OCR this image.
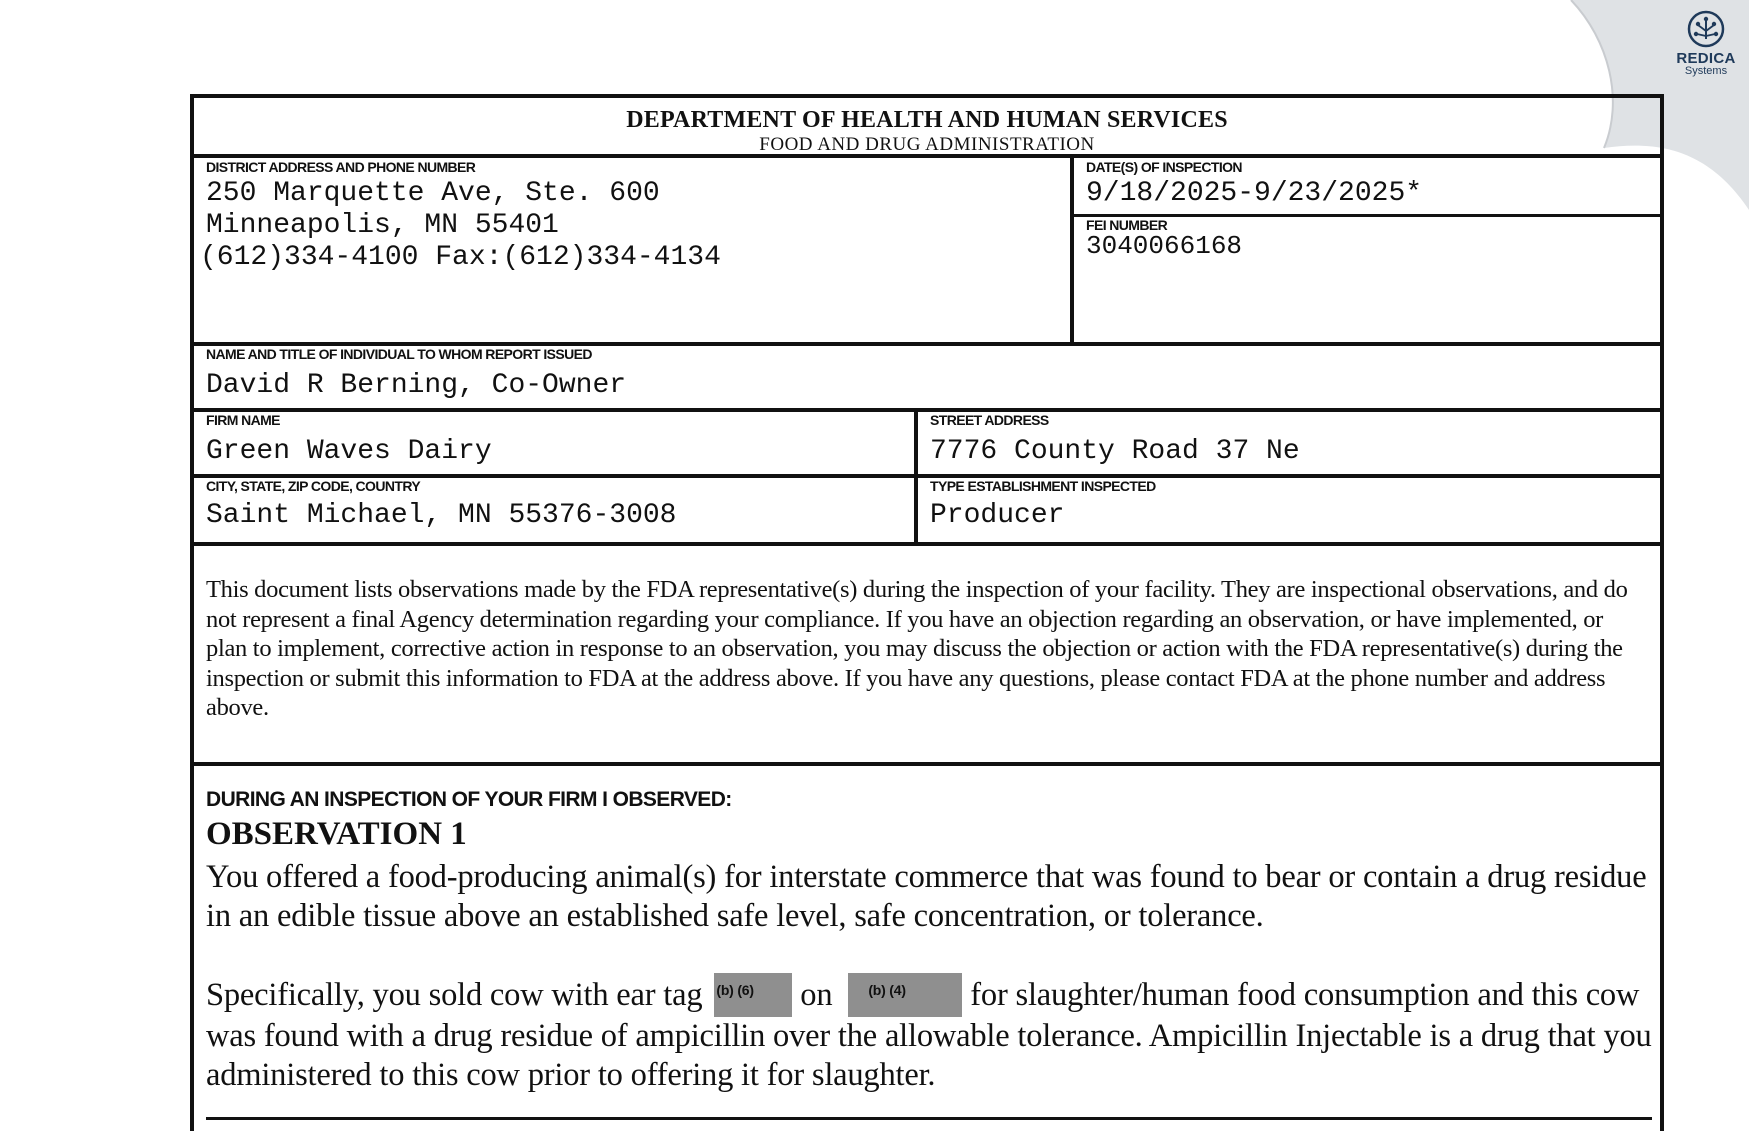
REDICA
Systems
DEPARTMENT OF HEALTH AND HUMAN SERVICES
FOOD AND DRUG ADMINISTRATION
DISTRICT ADDRESS AND PHONE NUMBER
250 Marquette Ave, Ste. 600
Minneapolis, MN 55401
(612)334-4100 Fax:(612)334-4134
DATE(S) OF INSPECTION
9/18/2025-9/23/2025*
FEI NUMBER
3040066168
NAME AND TITLE OF INDIVIDUAL TO WHOM REPORT ISSUED
David R Berning, Co-Owner
FIRM NAME
Green Waves Dairy
STREET ADDRESS
7776 County Road 37 Ne
CITY, STATE, ZIP CODE, COUNTRY
Saint Michael, MN 55376-3008
TYPE ESTABLISHMENT INSPECTED
Producer
This document lists observations made by the FDA representative(s) during the inspection of your facility. They are inspectional observations, and do not represent a final Agency determination regarding your compliance. If you have an objection regarding an observation, or have implemented, or plan to implement, corrective action in response to an observation, you may discuss the objection or action with the FDA representative(s) during the inspection or submit this information to FDA at the address above. If you have any questions, please contact FDA at the phone number and address above.
DURING AN INSPECTION OF YOUR FIRM I OBSERVED:
OBSERVATION 1
You offered a food-producing animal(s) for interstate commerce that was found to bear or contain a drug residue in an edible tissue above an established safe level, safe concentration, or tolerance.
Specifically, you sold cow with ear tag (b) (6) on	(b) (4) for slaughter/human food consumption and this cow was found with a drug residue of ampicillin over the allowable tolerance. Ampicillin Injectable is a drug that you administered to this cow prior to offering it for slaughter.
